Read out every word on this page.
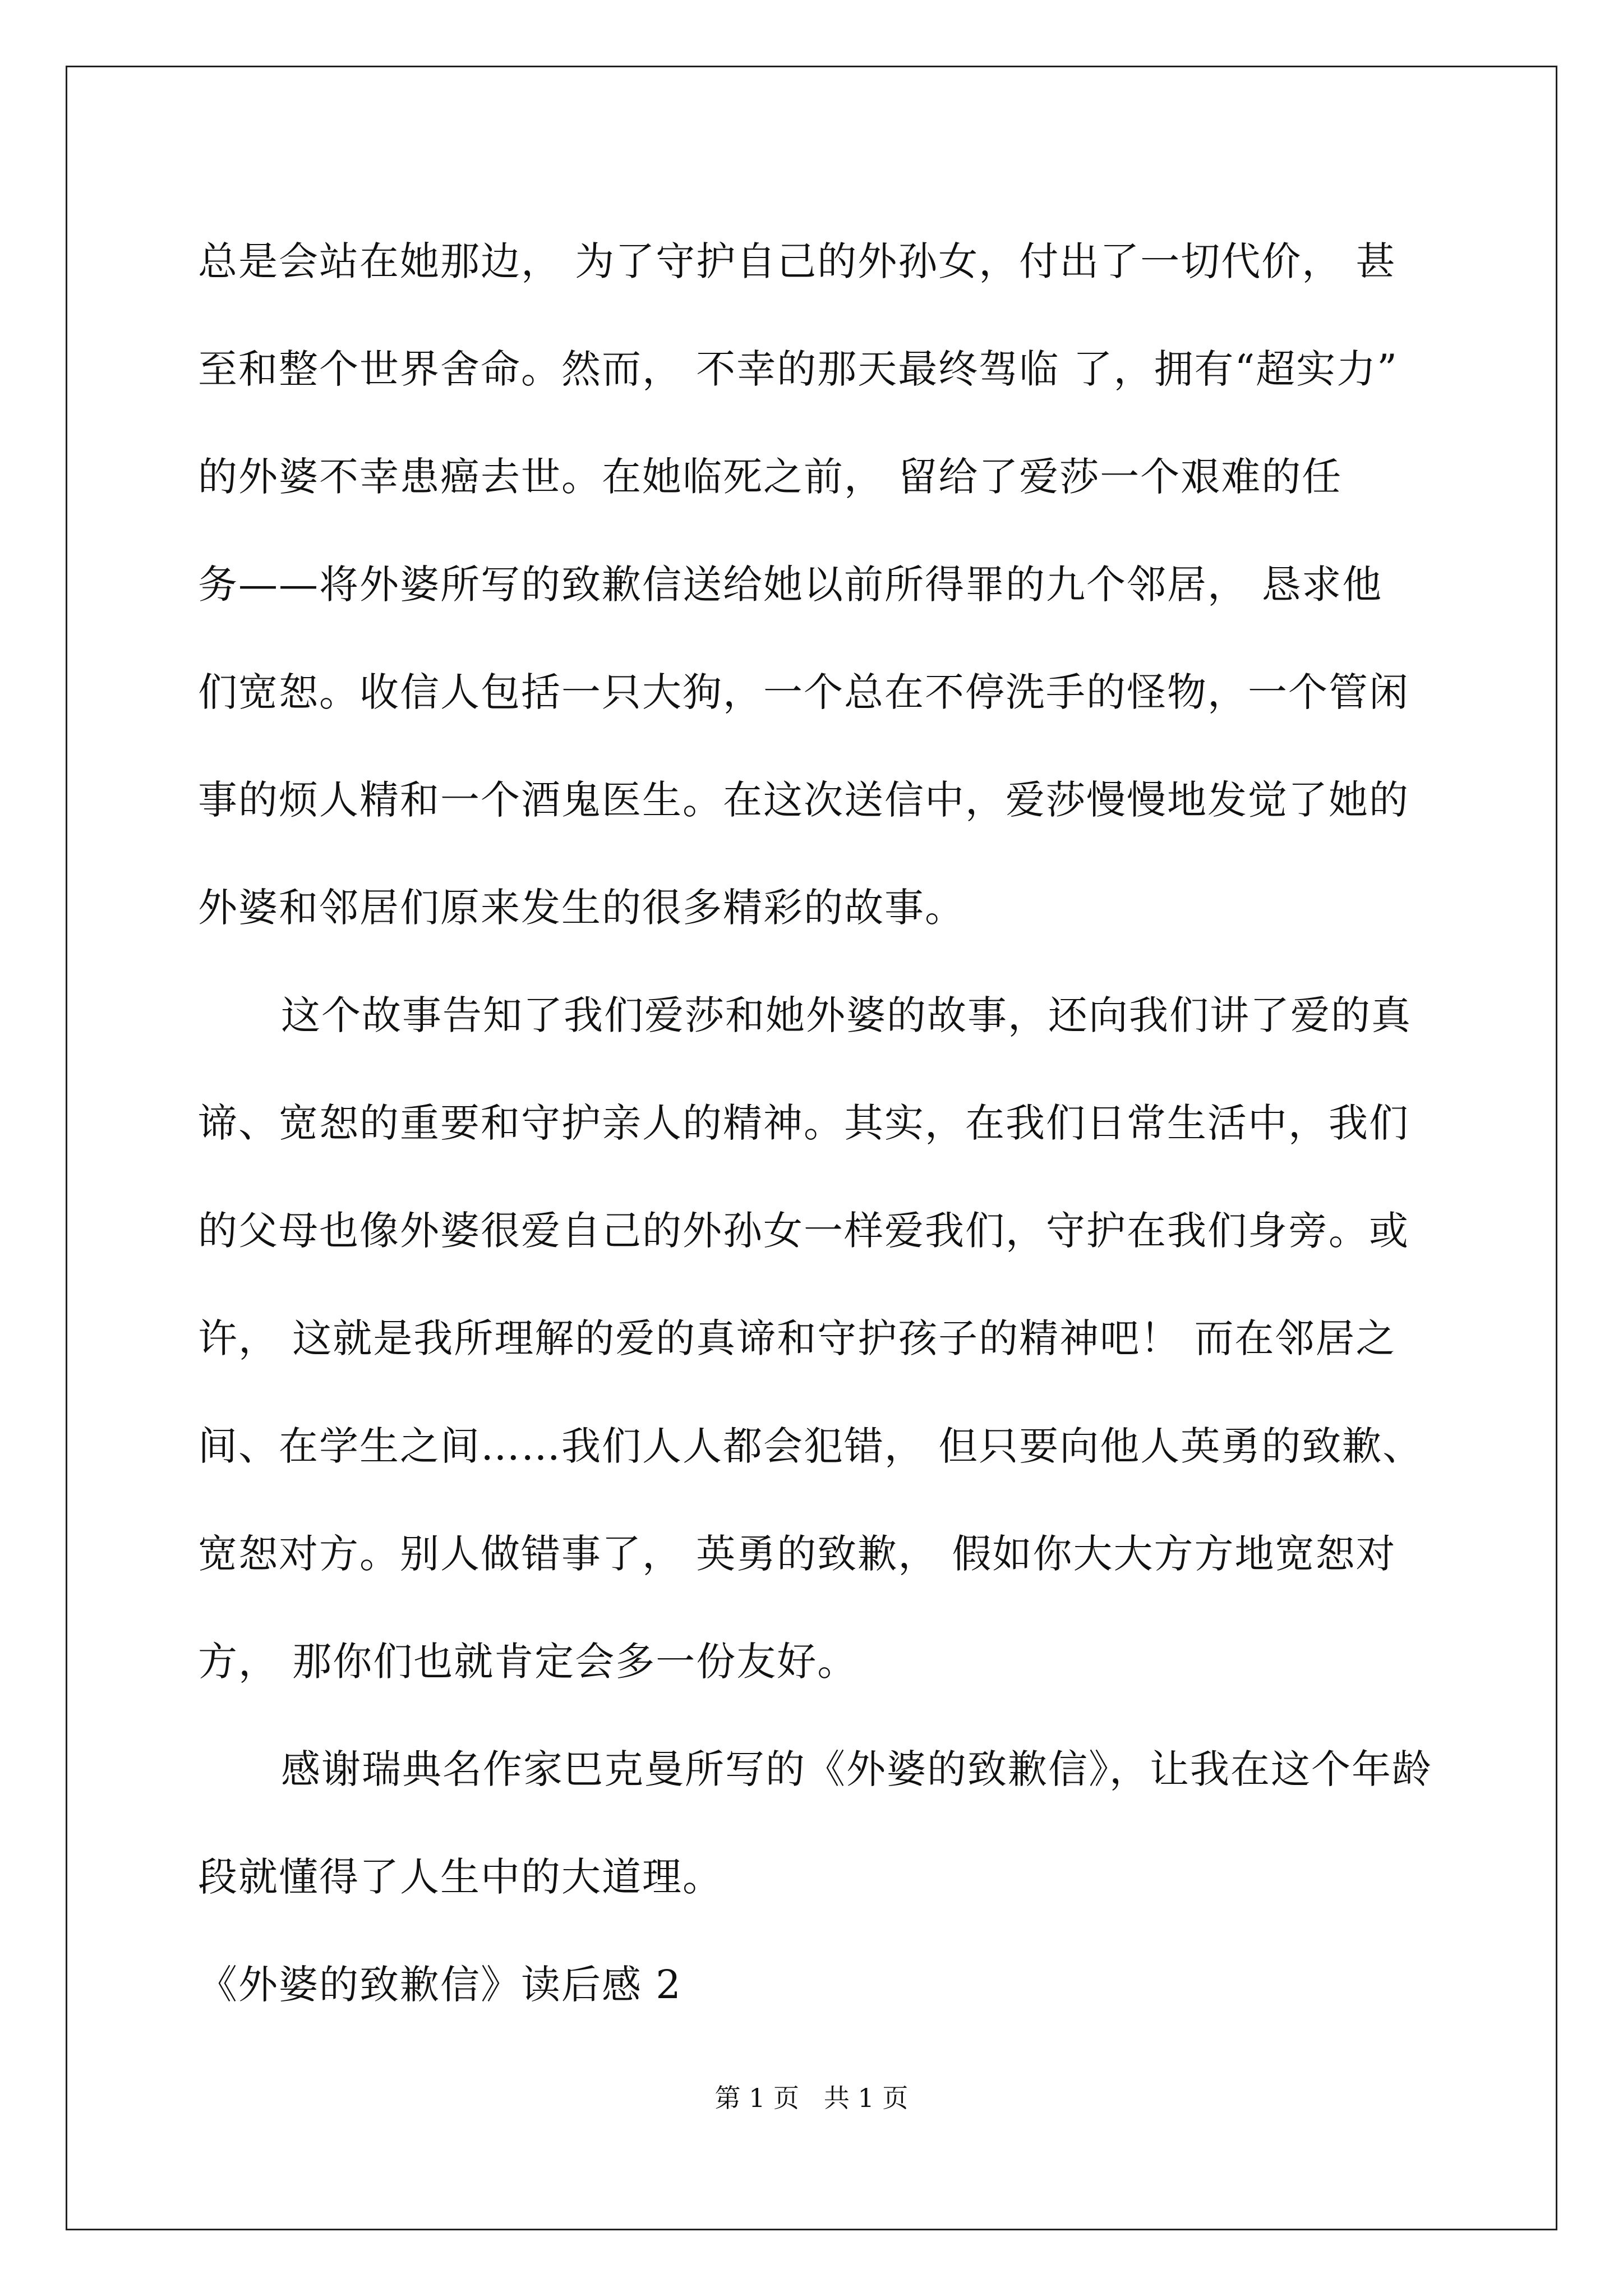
总是会站在她那边， 为了守护自己的外孙女，付出了一切代价， 甚
至和整个世界舍命。然而， 不幸的那天最终驾临 了，拥有“超实力”
的外婆不幸患癌去世。在她临死之前， 留给了爱莎一个艰难的任
务——将外婆所写的致歉信送给她以前所得罪的九个邻居， 恳求他
们宽恕。收信人包括一只大狗，一个总在不停洗手的怪物，一个管闲
事的烦人精和一个酒鬼医生。在这次送信中，爱莎慢慢地发觉了她的
外婆和邻居们原来发生的很多精彩的故事。
这个故事告知了我们爱莎和她外婆的故事，还向我们讲了爱的真
谛、宽恕的重要和守护亲人的精神。其实，在我们日常生活中，我们
的父母也像外婆很爱自己的外孙女一样爱我们，守护在我们身旁。或
许， 这就是我所理解的爱的真谛和守护孩子的精神吧！ 而在邻居之
间、在学生之间……我们人人都会犯错， 但只要向他人英勇的致歉、
宽恕对方。别人做错事了， 英勇的致歉， 假如你大大方方地宽恕对
方， 那你们也就肯定会多一份友好。
感谢瑞典名作家巴克曼所写的《外婆的致歉信》，让我在这个年龄
段就懂得了人生中的大道理。
《外婆的致歉信》读后感 2
第 1 页   共 1 页
